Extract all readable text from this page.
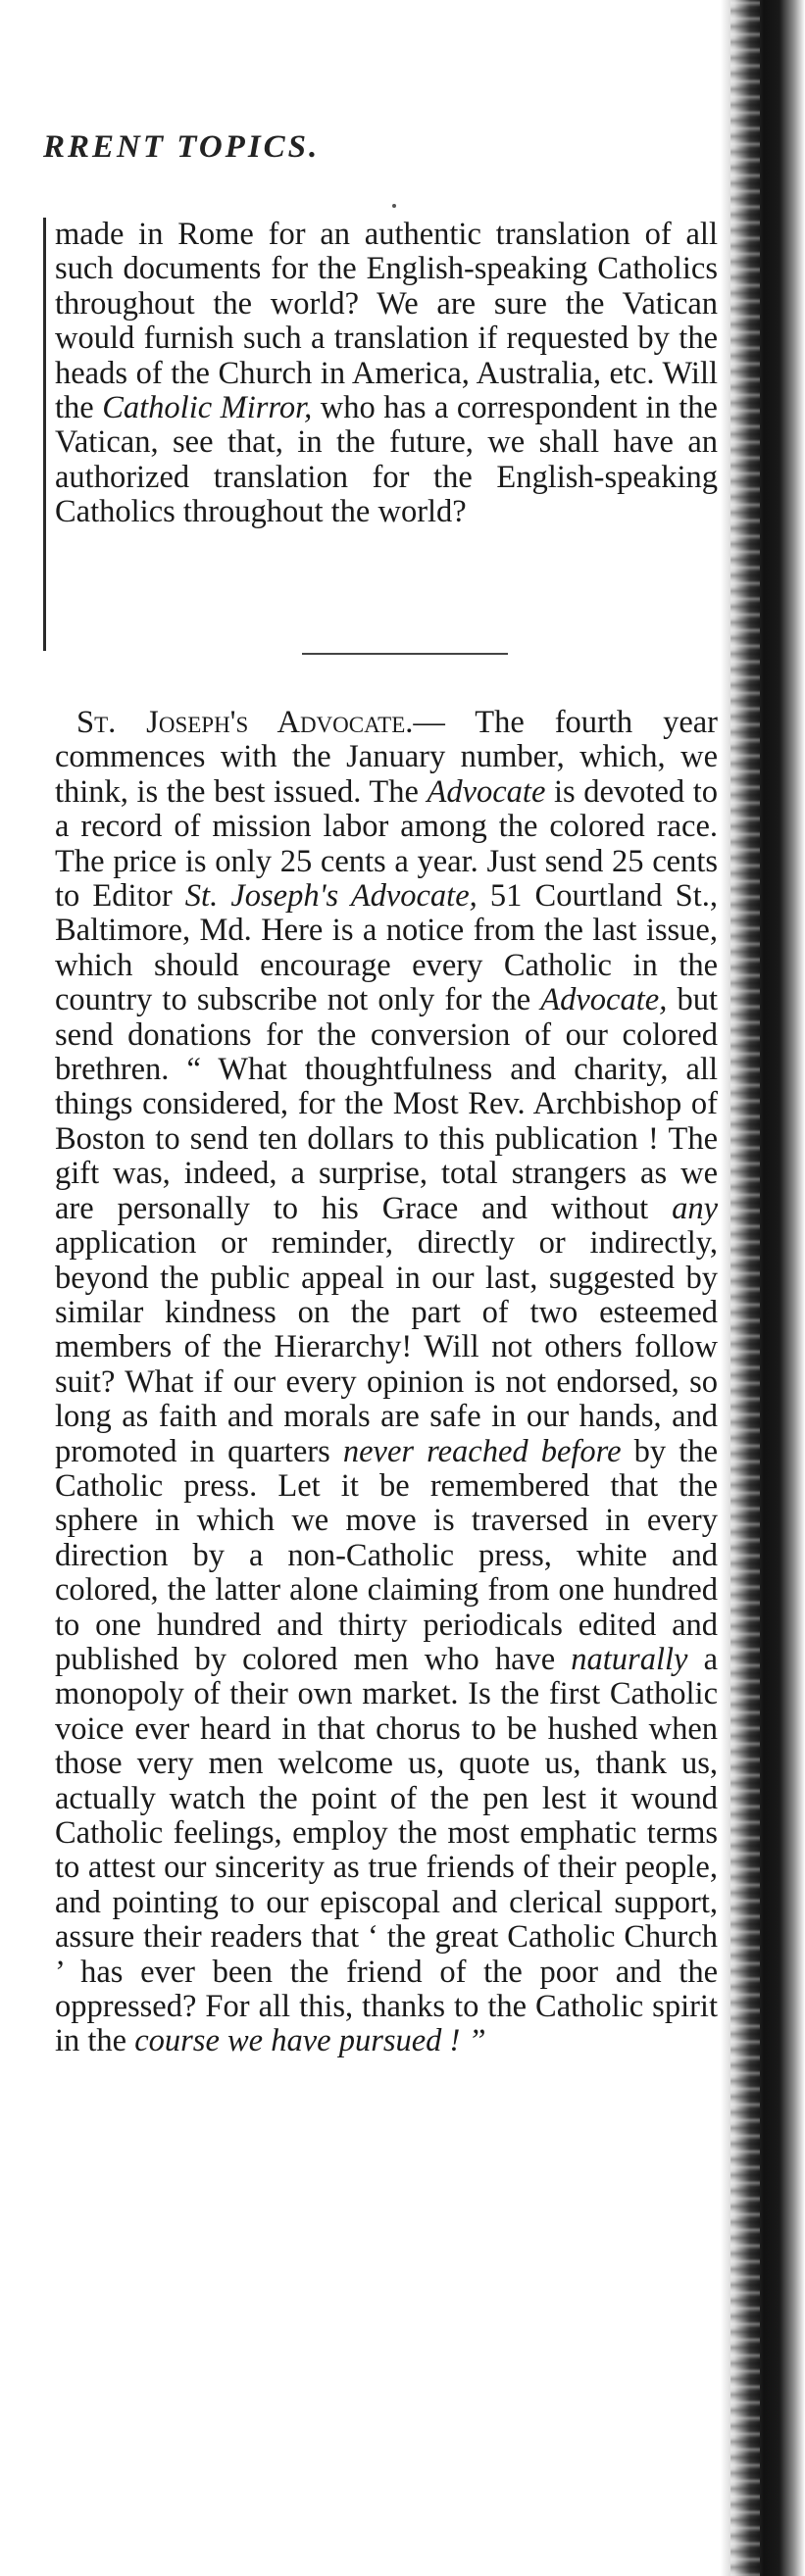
RRENT TOPICS.

made in Rome for an authentic translation of all such documents for the English-speaking Catholics throughout the world? We are sure the Vatican would furnish such a translation if requested by the heads of the Church in America, Australia, etc. Will the Catholic Mirror, who has a correspondent in the Vatican, see that, in the future, we shall have an authorized translation for the English-speaking Catholics throughout the world?

St. Joseph's Advocate.— The fourth year commences with the January number, which, we think, is the best issued. The Advocate is devoted to a record of mission labor among the colored race. The price is only 25 cents a year. Just send 25 cents to Editor St. Joseph's Advocate, 51 Courtland St., Baltimore, Md. Here is a notice from the last issue, which should encourage every Catholic in the country to subscribe not only for the Advocate, but send donations for the conversion of our colored brethren. “ What thoughtfulness and charity, all things considered, for the Most Rev. Archbishop of Boston to send ten dollars to this publication ! The gift was, indeed, a surprise, total strangers as we are personally to his Grace and without any application or reminder, directly or indirectly, beyond the public appeal in our last, suggested by similar kindness on the part of two esteemed members of the Hierarchy! Will not others follow suit? What if our every opinion is not endorsed, so long as faith and morals are safe in our hands, and promoted in quarters never reached before by the Catholic press. Let it be remembered that the sphere in which we move is traversed in every direction by a non-Catholic press, white and colored, the latter alone claiming from one hundred to one hundred and thirty periodicals edited and published by colored men who have naturally a monopoly of their own market. Is the first Catholic voice ever heard in that chorus to be hushed when those very men welcome us, quote us, thank us, actually watch the point of the pen lest it wound Catholic feelings, employ the most emphatic terms to attest our sincerity as true friends of their people, and pointing to our episcopal and clerical support, assure their readers that ‘ the great Catholic Church ’ has ever been the friend of the poor and the oppressed? For all this, thanks to the Catholic spirit in the course we have pursued ! ”
